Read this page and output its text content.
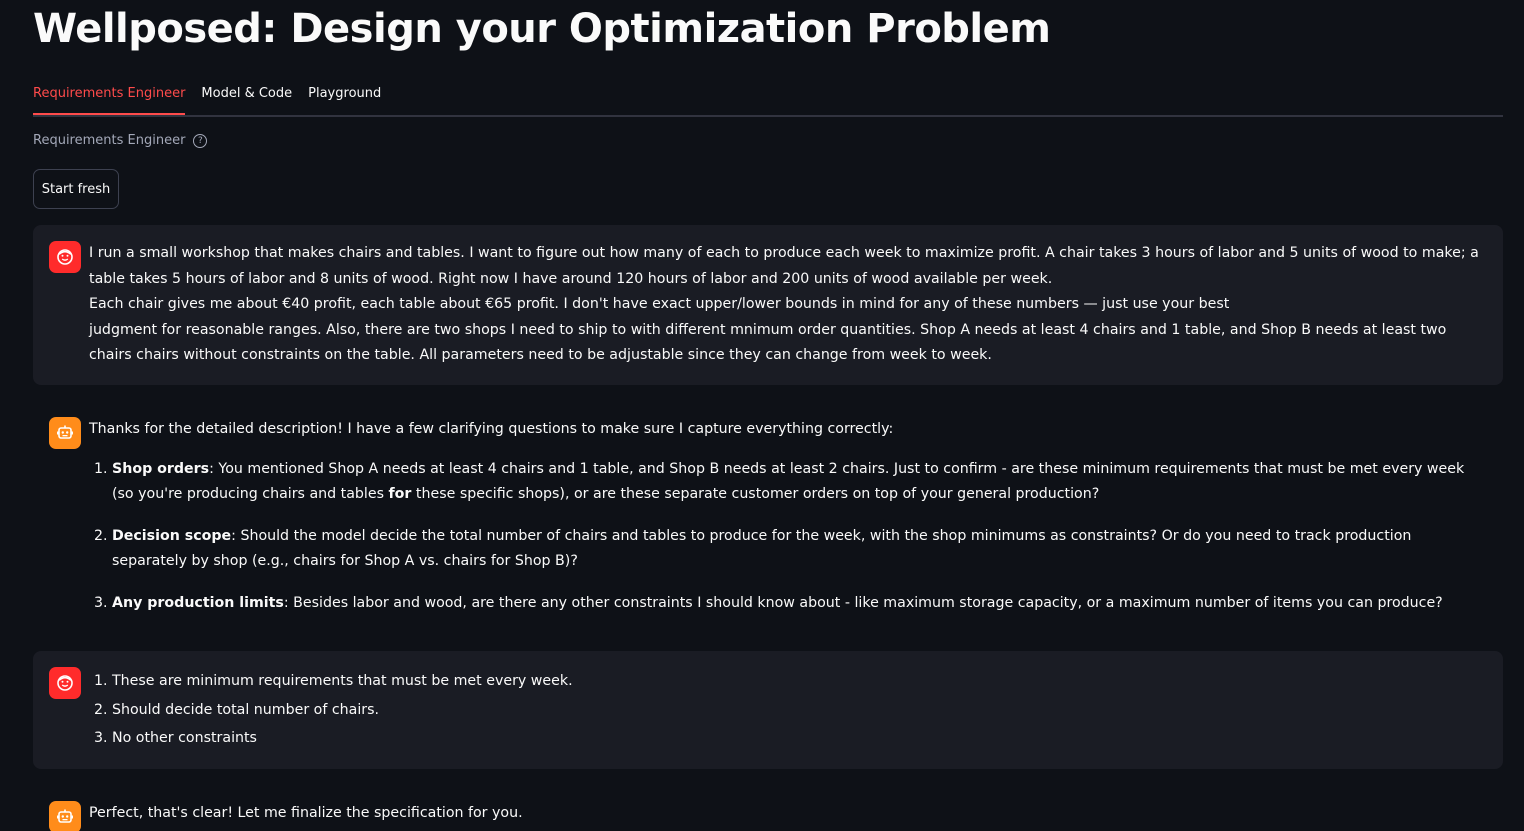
Wellposed: Design your Optimization Problem
Requirements Engineer Model & Code Playground
Requirements Engineer	?
Start fresh

I run a small workshop that makes chairs and tables. I want to figure out how many of each to produce each week to maximize profit. A chair takes 3 hours of labor and 5 units of wood to make; a table takes 5 hours of labor and 8 units of wood. Right now I have around 120 hours of labor and 200 units of wood available per week.

Each chair gives me about €40 profit, each table about €65 profit. I don't have exact upper/lower bounds in mind for any of these numbers — just use your best

judgment for reasonable ranges. Also, there are two shops I need to ship to with different mnimum order quantities. Shop A needs at least 4 chairs and 1 table, and Shop B needs at least two chairs chairs without constraints on the table. All parameters need to be adjustable since they can change from week to week.

Thanks for the detailed description! I have a few clarifying questions to make sure I capture everything correctly:

1. Shop orders: You mentioned Shop A needs at least 4 chairs and 1 table, and Shop B needs at least 2 chairs. Just to confirm - are these minimum requirements that must be met every week (so you're producing chairs and tables for these specific shops), or are these separate customer orders on top of your general production?
2. Decision scope: Should the model decide the total number of chairs and tables to produce for the week, with the shop minimums as constraints? Or do you need to track production separately by shop (e.g., chairs for Shop A vs. chairs for Shop B)?
3. Any production limits: Besides labor and wood, are there any other constraints I should know about - like maximum storage capacity, or a maximum number of items you can produce?
1. These are minimum requirements that must be met every week.
2. Should decide total number of chairs.
3. No other constraints

Perfect, that's clear! Let me finalize the specification for you.
